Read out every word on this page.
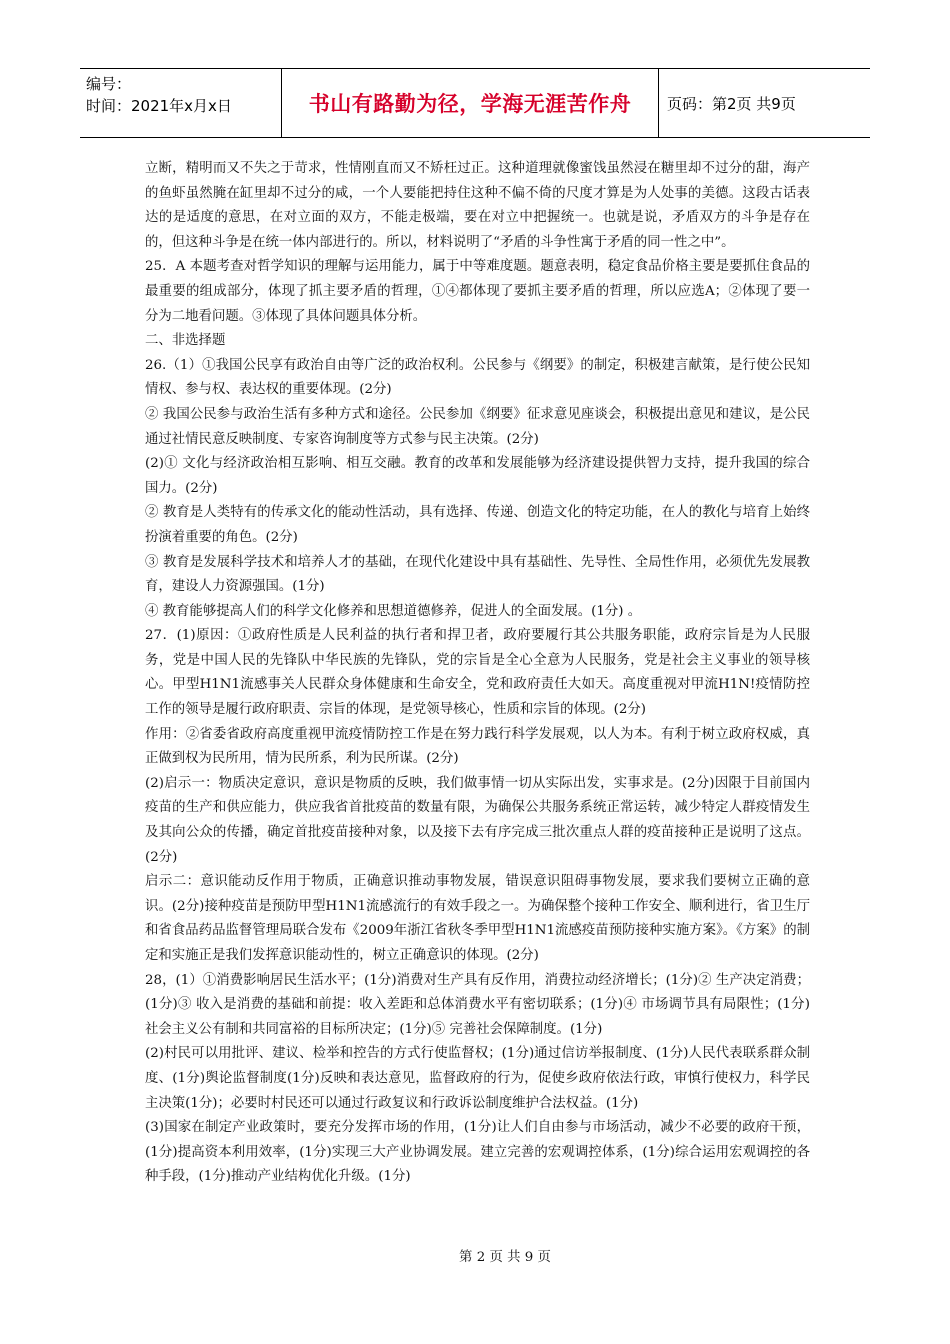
编号：
时间：2021年x月x日	书山有路勤为径，学海无涯苦作舟	页码：第2页 共9页

立断，精明而又不失之于苛求，性情刚直而又不矫枉过正。这种道理就像蜜饯虽然浸在糖里却不过分的甜，海产的鱼虾虽然腌在缸里却不过分的咸，一个人要能把持住这种不偏不倚的尺度才算是为人处事的美德。这段古话表达的是适度的意思，在对立面的双方，不能走极端，要在对立中把握统一。也就是说，矛盾双方的斗争是存在的，但这种斗争是在统一体内部进行的。所以，材料说明了“矛盾的斗争性寓于矛盾的同一性之中”。

25．A 本题考查对哲学知识的理解与运用能力，属于中等难度题。题意表明，稳定食品价格主要是要抓住食品的最重要的组成部分，体现了抓主要矛盾的哲理，①④都体现了要抓主要矛盾的哲理，所以应选A；②体现了要一分为二地看问题。③体现了具体问题具体分析。

二、非选择题

26.（1）①我国公民享有政治自由等广泛的政治权利。公民参与《纲要》的制定，积极建言献策，是行使公民知情权、参与权、表达权的重要体现。(2分)

② 我国公民参与政治生活有多种方式和途径。公民参加《纲要》征求意见座谈会，积极提出意见和建议，是公民通过社情民意反映制度、专家咨询制度等方式参与民主决策。(2分)

(2)① 文化与经济政治相互影响、相互交融。教育的改革和发展能够为经济建设提供智力支持，提升我国的综合国力。(2分)

② 教育是人类特有的传承文化的能动性活动，具有选择、传递、创造文化的特定功能，在人的教化与培育上始终扮演着重要的角色。(2分)

③ 教育是发展科学技术和培养人才的基础，在现代化建设中具有基础性、先导性、全局性作用，必须优先发展教育，建设人力资源强国。(1分)

④ 教育能够提高人们的科学文化修养和思想道德修养，促进人的全面发展。(1分) 。

27．(1)原因：①政府性质是人民利益的执行者和捍卫者，政府要履行其公共服务职能，政府宗旨是为人民服务，党是中国人民的先锋队中华民族的先锋队，党的宗旨是全心全意为人民服务，党是社会主义事业的领导核心。甲型H1N1流感事关人民群众身体健康和生命安全，党和政府责任大如天。高度重视对甲流H1N!疫情防控工作的领导是履行政府职责、宗旨的体现，是党领导核心，性质和宗旨的体现。(2分)

作用：②省委省政府高度重视甲流疫情防控工作是在努力践行科学发展观，以人为本。有利于树立政府权威，真正做到权为民所用，情为民所系，利为民所谋。(2分)

(2)启示一：物质决定意识，意识是物质的反映，我们做事情一切从实际出发，实事求是。(2分)因限于目前国内疫苗的生产和供应能力，供应我省首批疫苗的数量有限，为确保公共服务系统正常运转，减少特定人群疫情发生及其向公众的传播，确定首批疫苗接种对象，以及接下去有序完成三批次重点人群的疫苗接种正是说明了这点。(2分)

启示二：意识能动反作用于物质，正确意识推动事物发展，错误意识阻碍事物发展，要求我们要树立正确的意识。(2分)接种疫苗是预防甲型H1N1流感流行的有效手段之一。为确保整个接种工作安全、顺利进行，省卫生厅和省食品药品监督管理局联合发布《2009年浙江省秋冬季甲型H1N1流感疫苗预防接种实施方案》。《方案》的制定和实施正是我们发挥意识能动性的，树立正确意识的体现。(2分)

28，(1）①消费影响居民生活水平；(1分)消费对生产具有反作用，消费拉动经济增长；(1分)② 生产决定消费；(1分)③ 收入是消费的基础和前提：收入差距和总体消费水平有密切联系；(1分)④ 市场调节具有局限性；(1分)社会主义公有制和共同富裕的目标所决定；(1分)⑤ 完善社会保障制度。(1分)

(2)村民可以用批评、建议、检举和控告的方式行使监督权；(1分)通过信访举报制度、(1分)人民代表联系群众制度、(1分)舆论监督制度(1分)反映和表达意见，监督政府的行为，促使乡政府依法行政，审慎行使权力，科学民主决策(1分)；必要时村民还可以通过行政复议和行政诉讼制度维护合法权益。(1分)

(3)国家在制定产业政策时，要充分发挥市场的作用，(1分)让人们自由参与市场活动，减少不必要的政府干预，(1分)提高资本利用效率，(1分)实现三大产业协调发展。建立完善的宏观调控体系，(1分)综合运用宏观调控的各种手段，(1分)推动产业结构优化升级。(1分)

第 2 页 共 9 页
